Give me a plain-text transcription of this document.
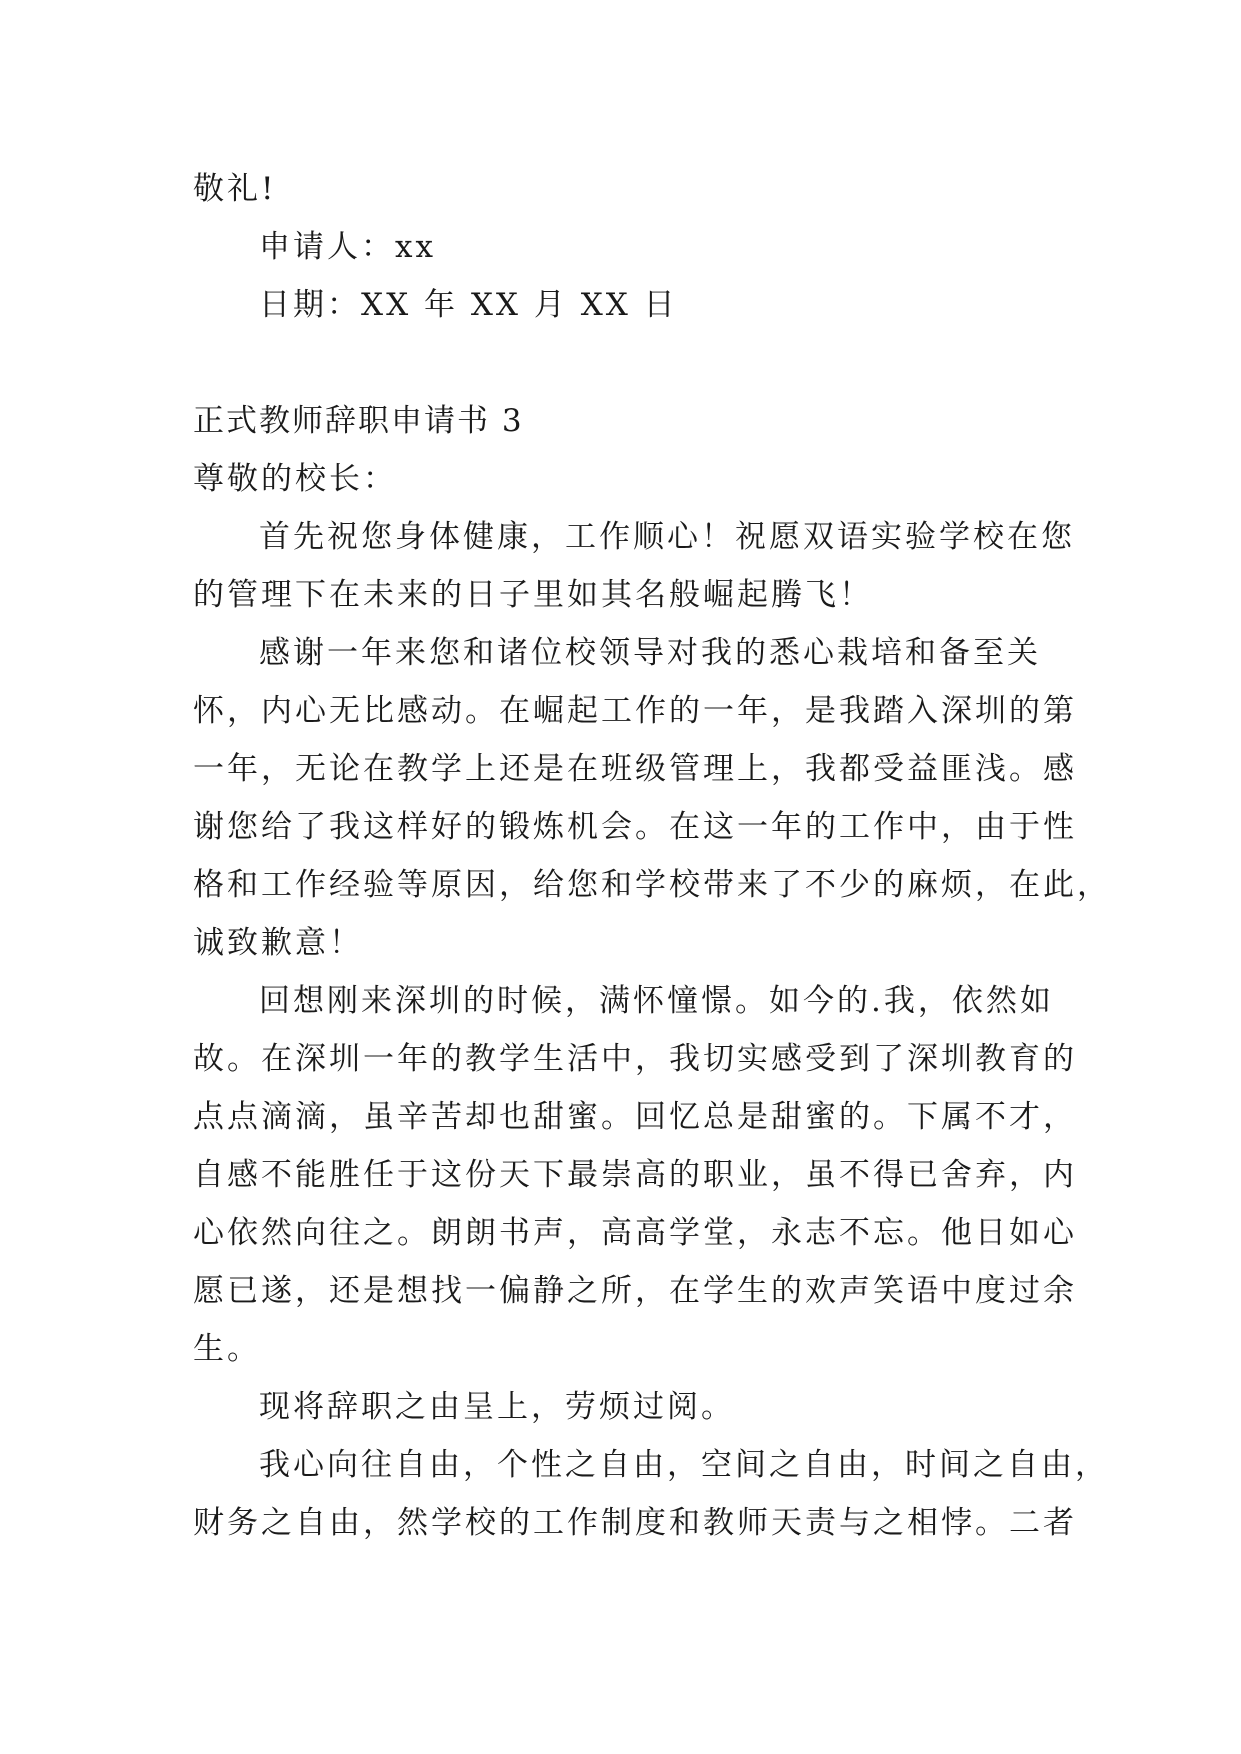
敬礼!

申请人：xx

日期：XX 年 XX 月 XX 日

正式教师辞职申请书 3

尊敬的校长：

首先祝您身体健康，工作顺心！祝愿双语实验学校在您

的管理下在未来的日子里如其名般崛起腾飞！

感谢一年来您和诸位校领导对我的悉心栽培和备至关

怀，内心无比感动。在崛起工作的一年，是我踏入深圳的第

一年，无论在教学上还是在班级管理上，我都受益匪浅。感

谢您给了我这样好的锻炼机会。在这一年的工作中，由于性

格和工作经验等原因，给您和学校带来了不少的麻烦，在此，

诚致歉意！

回想刚来深圳的时候，满怀憧憬。如今的.我，依然如

故。在深圳一年的教学生活中，我切实感受到了深圳教育的

点点滴滴，虽辛苦却也甜蜜。回忆总是甜蜜的。下属不才，

自感不能胜任于这份天下最崇高的职业，虽不得已舍弃，内

心依然向往之。朗朗书声，高高学堂，永志不忘。他日如心

愿已遂，还是想找一偏静之所，在学生的欢声笑语中度过余

生。

现将辞职之由呈上，劳烦过阅。

我心向往自由，个性之自由，空间之自由，时间之自由，

财务之自由，然学校的工作制度和教师天责与之相悖。二者
